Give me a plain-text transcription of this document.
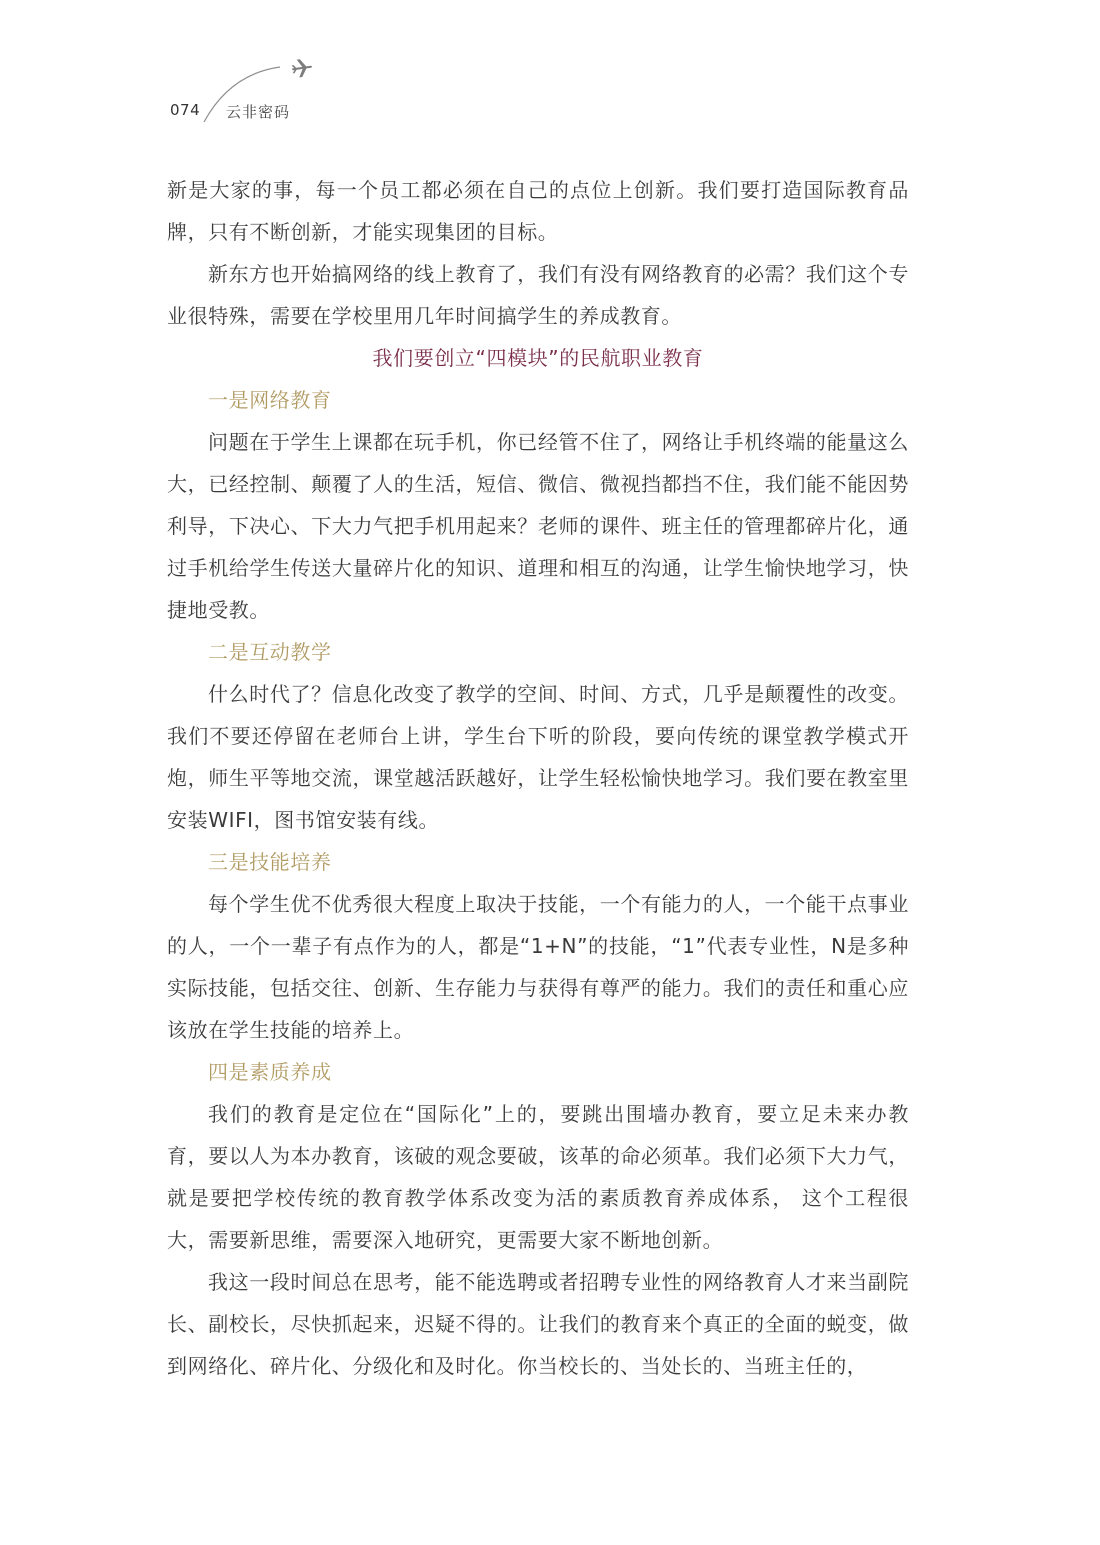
074 云非密码

新是大家的事，每一个员工都必须在自己的点位上创新。我们要打造国际教育品牌，只有不断创新，才能实现集团的目标。

新东方也开始搞网络的线上教育了，我们有没有网络教育的必需？我们这个专业很特殊，需要在学校里用几年时间搞学生的养成教育。

我们要创立“四模块”的民航职业教育

一是网络教育

问题在于学生上课都在玩手机，你已经管不住了，网络让手机终端的能量这么大，已经控制、颠覆了人的生活，短信、微信、微视挡都挡不住，我们能不能因势利导，下决心、下大力气把手机用起来？老师的课件、班主任的管理都碎片化，通过手机给学生传送大量碎片化的知识、道理和相互的沟通，让学生愉快地学习，快捷地受教。

二是互动教学

什么时代了？信息化改变了教学的空间、时间、方式，几乎是颠覆性的改变。我们不要还停留在老师台上讲，学生台下听的阶段，要向传统的课堂教学模式开炮，师生平等地交流，课堂越活跃越好，让学生轻松愉快地学习。我们要在教室里安装WIFI，图书馆安装有线。

三是技能培养

每个学生优不优秀很大程度上取决于技能，一个有能力的人，一个能干点事业的人，一个一辈子有点作为的人，都是“1+N”的技能，“1”代表专业性，N是多种实际技能，包括交往、创新、生存能力与获得有尊严的能力。我们的责任和重心应该放在学生技能的培养上。

四是素质养成

我们的教育是定位在“国际化”上的，要跳出围墙办教育，要立足未来办教育，要以人为本办教育，该破的观念要破，该革的命必须革。我们必须下大力气，就是要把学校传统的教育教学体系改变为活的素质教育养成体系， 这个工程很大，需要新思维，需要深入地研究，更需要大家不断地创新。

我这一段时间总在思考，能不能选聘或者招聘专业性的网络教育人才来当副院长、副校长，尽快抓起来，迟疑不得的。让我们的教育来个真正的全面的蜕变，做到网络化、碎片化、分级化和及时化。你当校长的、当处长的、当班主任的，
